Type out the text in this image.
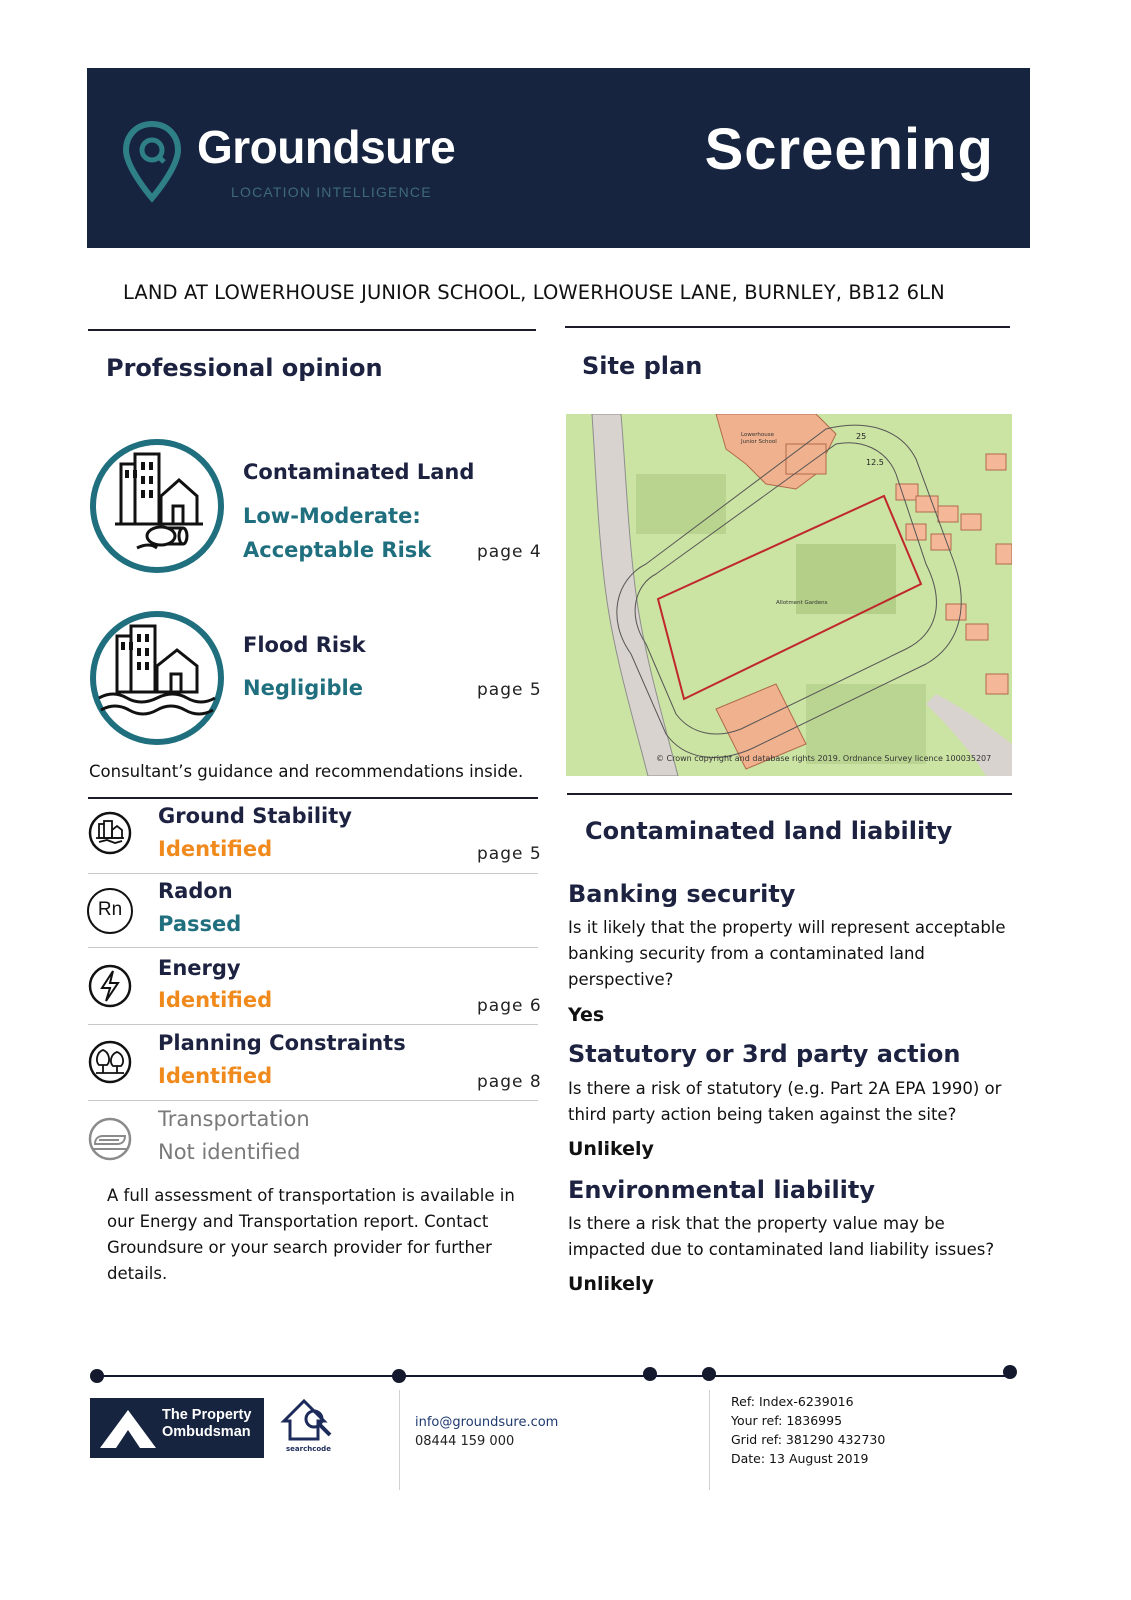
Groundsure
LOCATION INTELLIGENCE
Screening
LAND AT LOWERHOUSE JUNIOR SCHOOL, LOWERHOUSE LANE, BURNLEY, BB12 6LN
Professional opinion
Contaminated Land
Low-Moderate:
Acceptable Risk	page 4
Flood Risk
Negligible	page 5
Consultant’s guidance and recommendations inside.
Ground Stability
Identified	page 5
Rn
Radon
Passed
Energy
Identified	page 6
Planning Constraints
Identified	page 8
Transportation
Not identified
A full assessment of transportation is available in our Energy and Transportation report. Contact Groundsure or your search provider for further details.
Site plan
Lowerhouse Junior School
Allotment Gardens
25
12.5
© Crown copyright and database rights 2019. Ordnance Survey licence 100035207
Contaminated land liability
Banking security
Is it likely that the property will represent acceptable banking security from a contaminated land perspective?
Yes
Statutory or 3rd party action
Is there a risk of statutory (e.g. Part 2A EPA 1990) or third party action being taken against the site?
Unlikely
Environmental liability
Is there a risk that the property value may be impacted due to contaminated land liability issues?
Unlikely
The Property Ombudsman
searchcode
info@groundsure.com
08444 159 000
Ref: Index-6239016
Your ref: 1836995
Grid ref: 381290 432730
Date: 13 August 2019
